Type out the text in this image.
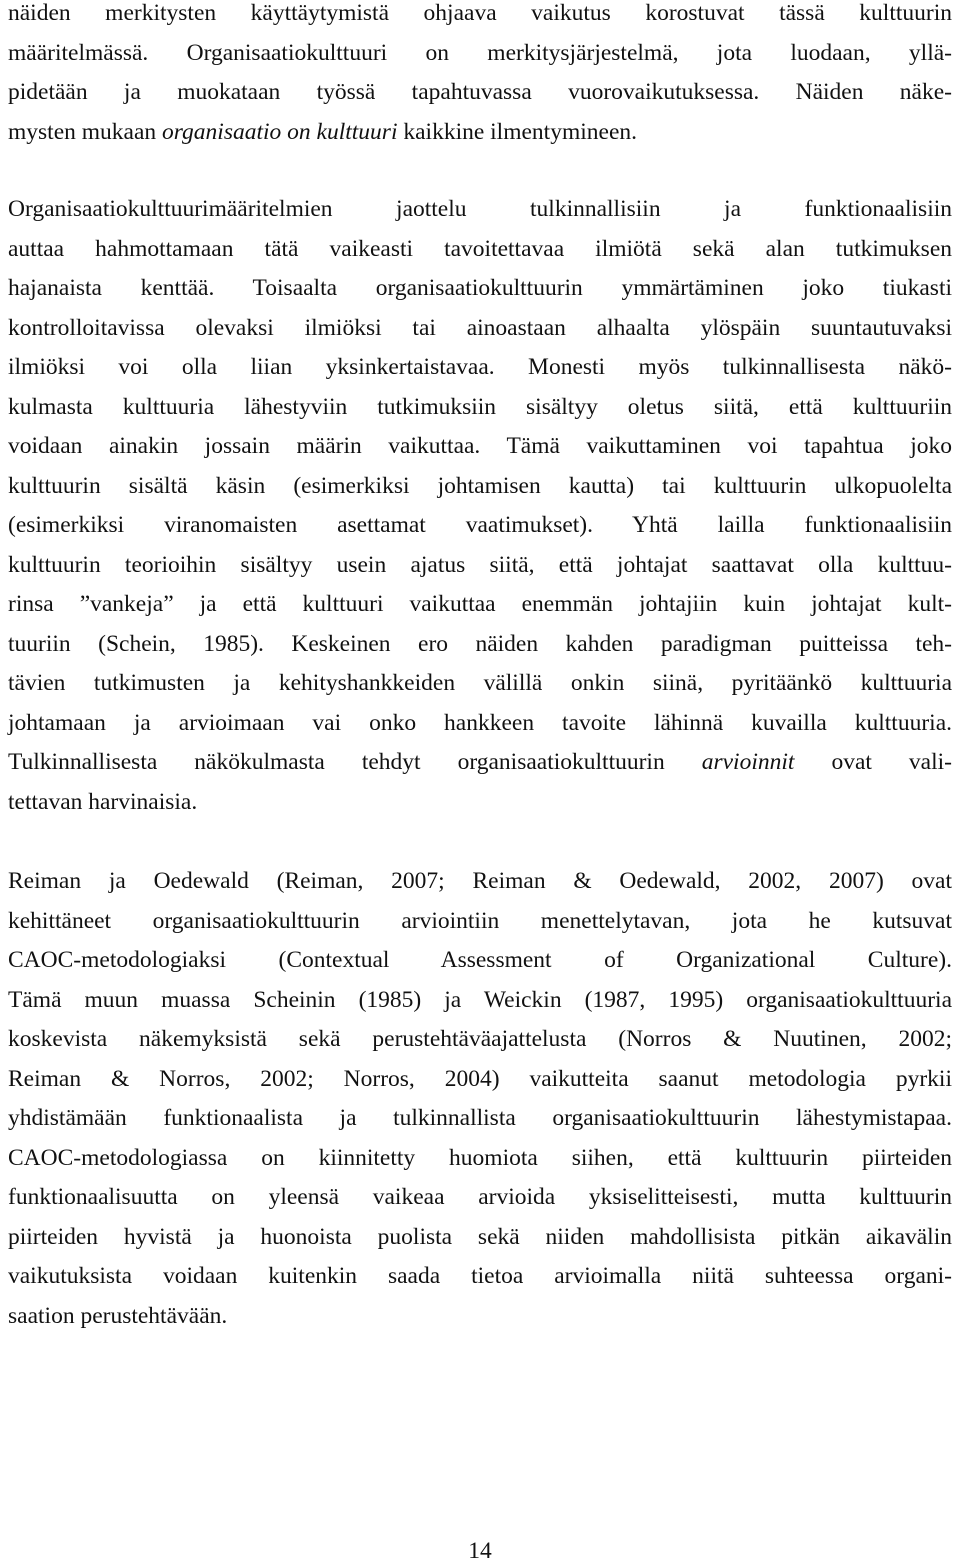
näiden merkitysten käyttäytymistä ohjaava vaikutus korostuvat tässä kulttuurin
määritelmässä. Organisaatiokulttuuri on merkitysjärjestelmä, jota luodaan, yllä-
pidetään ja muokataan työssä tapahtuvassa vuorovaikutuksessa. Näiden näke-
mysten mukaan organisaatio on kulttuuri kaikkine ilmentymineen.

Organisaatiokulttuurimääritelmien jaottelu tulkinnallisiin ja funktionaalisiin
auttaa hahmottamaan tätä vaikeasti tavoitettavaa ilmiötä sekä alan tutkimuksen
hajanaista kenttää. Toisaalta organisaatiokulttuurin ymmärtäminen joko tiukasti
kontrolloitavissa olevaksi ilmiöksi tai ainoastaan alhaalta ylöspäin suuntautuvaksi
ilmiöksi voi olla liian yksinkertaistavaa. Monesti myös tulkinnallisesta näkö-
kulmasta kulttuuria lähestyviin tutkimuksiin sisältyy oletus siitä, että kulttuuriin
voidaan ainakin jossain määrin vaikuttaa. Tämä vaikuttaminen voi tapahtua joko
kulttuurin sisältä käsin (esimerkiksi johtamisen kautta) tai kulttuurin ulkopuolelta
(esimerkiksi viranomaisten asettamat vaatimukset). Yhtä lailla funktionaalisiin
kulttuurin teorioihin sisältyy usein ajatus siitä, että johtajat saattavat olla kulttuu-
rinsa ”vankeja” ja että kulttuuri vaikuttaa enemmän johtajiin kuin johtajat kult-
tuuriin (Schein, 1985). Keskeinen ero näiden kahden paradigman puitteissa teh-
tävien tutkimusten ja kehityshankkeiden välillä onkin siinä, pyritäänkö kulttuuria
johtamaan ja arvioimaan vai onko hankkeen tavoite lähinnä kuvailla kulttuuria.
Tulkinnallisesta näkökulmasta tehdyt organisaatiokulttuurin arvioinnit ovat vali-
tettavan harvinaisia.

Reiman ja Oedewald (Reiman, 2007; Reiman & Oedewald, 2002, 2007) ovat
kehittäneet organisaatiokulttuurin arviointiin menettelytavan, jota he kutsuvat
CAOC-metodologiaksi (Contextual Assessment of Organizational Culture).
Tämä muun muassa Scheinin (1985) ja Weickin (1987, 1995) organisaatiokulttuuria
koskevista näkemyksistä sekä perustehtäväajattelusta (Norros & Nuutinen, 2002;
Reiman & Norros, 2002; Norros, 2004) vaikutteita saanut metodologia pyrkii
yhdistämään funktionaalista ja tulkinnallista organisaatiokulttuurin lähestymistapaa.
CAOC-metodologiassa on kiinnitetty huomiota siihen, että kulttuurin piirteiden
funktionaalisuutta on yleensä vaikeaa arvioida yksiselitteisesti, mutta kulttuurin
piirteiden hyvistä ja huonoista puolista sekä niiden mahdollisista pitkän aikavälin
vaikutuksista voidaan kuitenkin saada tietoa arvioimalla niitä suhteessa organi-
saation perustehtävään.

14
